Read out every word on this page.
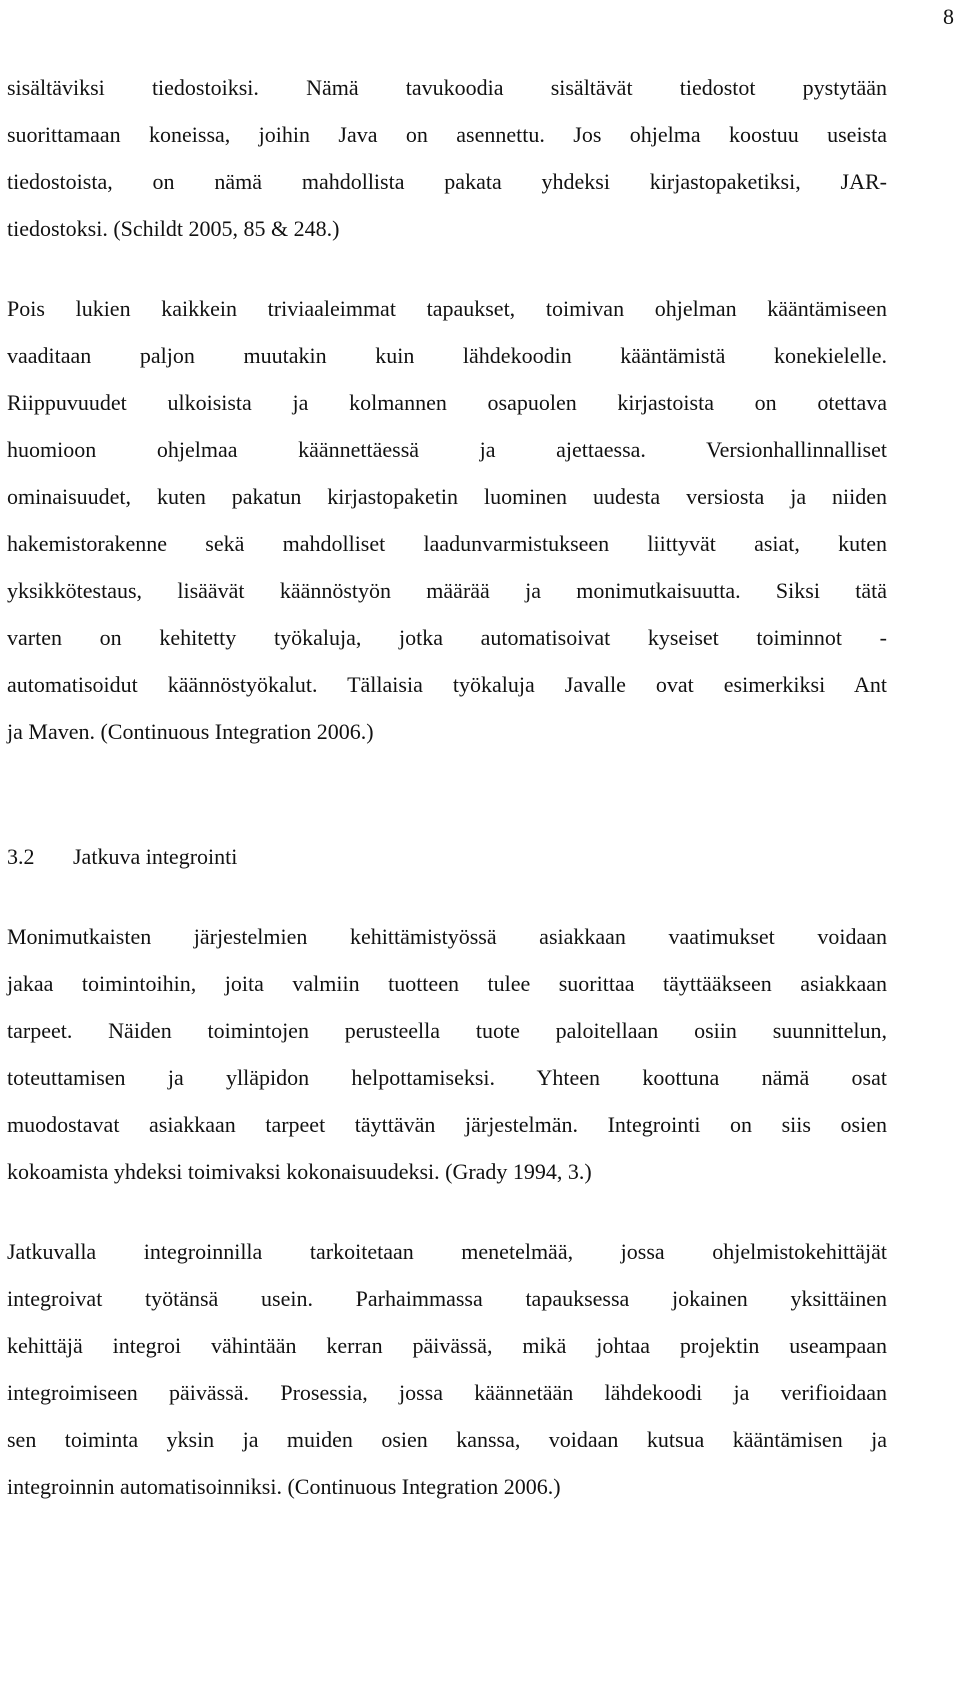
8
sisältäviksi tiedostoiksi. Nämä tavukoodia sisältävät tiedostot pystytään
suorittamaan koneissa, joihin Java on asennettu. Jos ohjelma koostuu useista
tiedostoista, on nämä mahdollista pakata yhdeksi kirjastopaketiksi, JAR-
tiedostoksi. (Schildt 2005, 85 & 248.)
Pois lukien kaikkein triviaaleimmat tapaukset, toimivan ohjelman kääntämiseen
vaaditaan paljon muutakin kuin lähdekoodin kääntämistä konekielelle.
Riippuvuudet ulkoisista ja kolmannen osapuolen kirjastoista on otettava
huomioon ohjelmaa käännettäessä ja ajettaessa. Versionhallinnalliset
ominaisuudet, kuten pakatun kirjastopaketin luominen uudesta versiosta ja niiden
hakemistorakenne sekä mahdolliset laadunvarmistukseen liittyvät asiat, kuten
yksikkötestaus, lisäävät käännöstyön määrää ja monimutkaisuutta. Siksi tätä
varten on kehitetty työkaluja, jotka automatisoivat kyseiset toiminnot -
automatisoidut käännöstyökalut. Tällaisia työkaluja Javalle ovat esimerkiksi Ant
ja Maven. (Continuous Integration 2006.)
3.2 Jatkuva integrointi
Monimutkaisten järjestelmien kehittämistyössä asiakkaan vaatimukset voidaan
jakaa toimintoihin, joita valmiin tuotteen tulee suorittaa täyttääkseen asiakkaan
tarpeet. Näiden toimintojen perusteella tuote paloitellaan osiin suunnittelun,
toteuttamisen ja ylläpidon helpottamiseksi. Yhteen koottuna nämä osat
muodostavat asiakkaan tarpeet täyttävän järjestelmän. Integrointi on siis osien
kokoamista yhdeksi toimivaksi kokonaisuudeksi. (Grady 1994, 3.)
Jatkuvalla integroinnilla tarkoitetaan menetelmää, jossa ohjelmistokehittäjät
integroivat työtänsä usein. Parhaimmassa tapauksessa jokainen yksittäinen
kehittäjä integroi vähintään kerran päivässä, mikä johtaa projektin useampaan
integroimiseen päivässä. Prosessia, jossa käännetään lähdekoodi ja verifioidaan
sen toiminta yksin ja muiden osien kanssa, voidaan kutsua kääntämisen ja
integroinnin automatisoinniksi. (Continuous Integration 2006.)
